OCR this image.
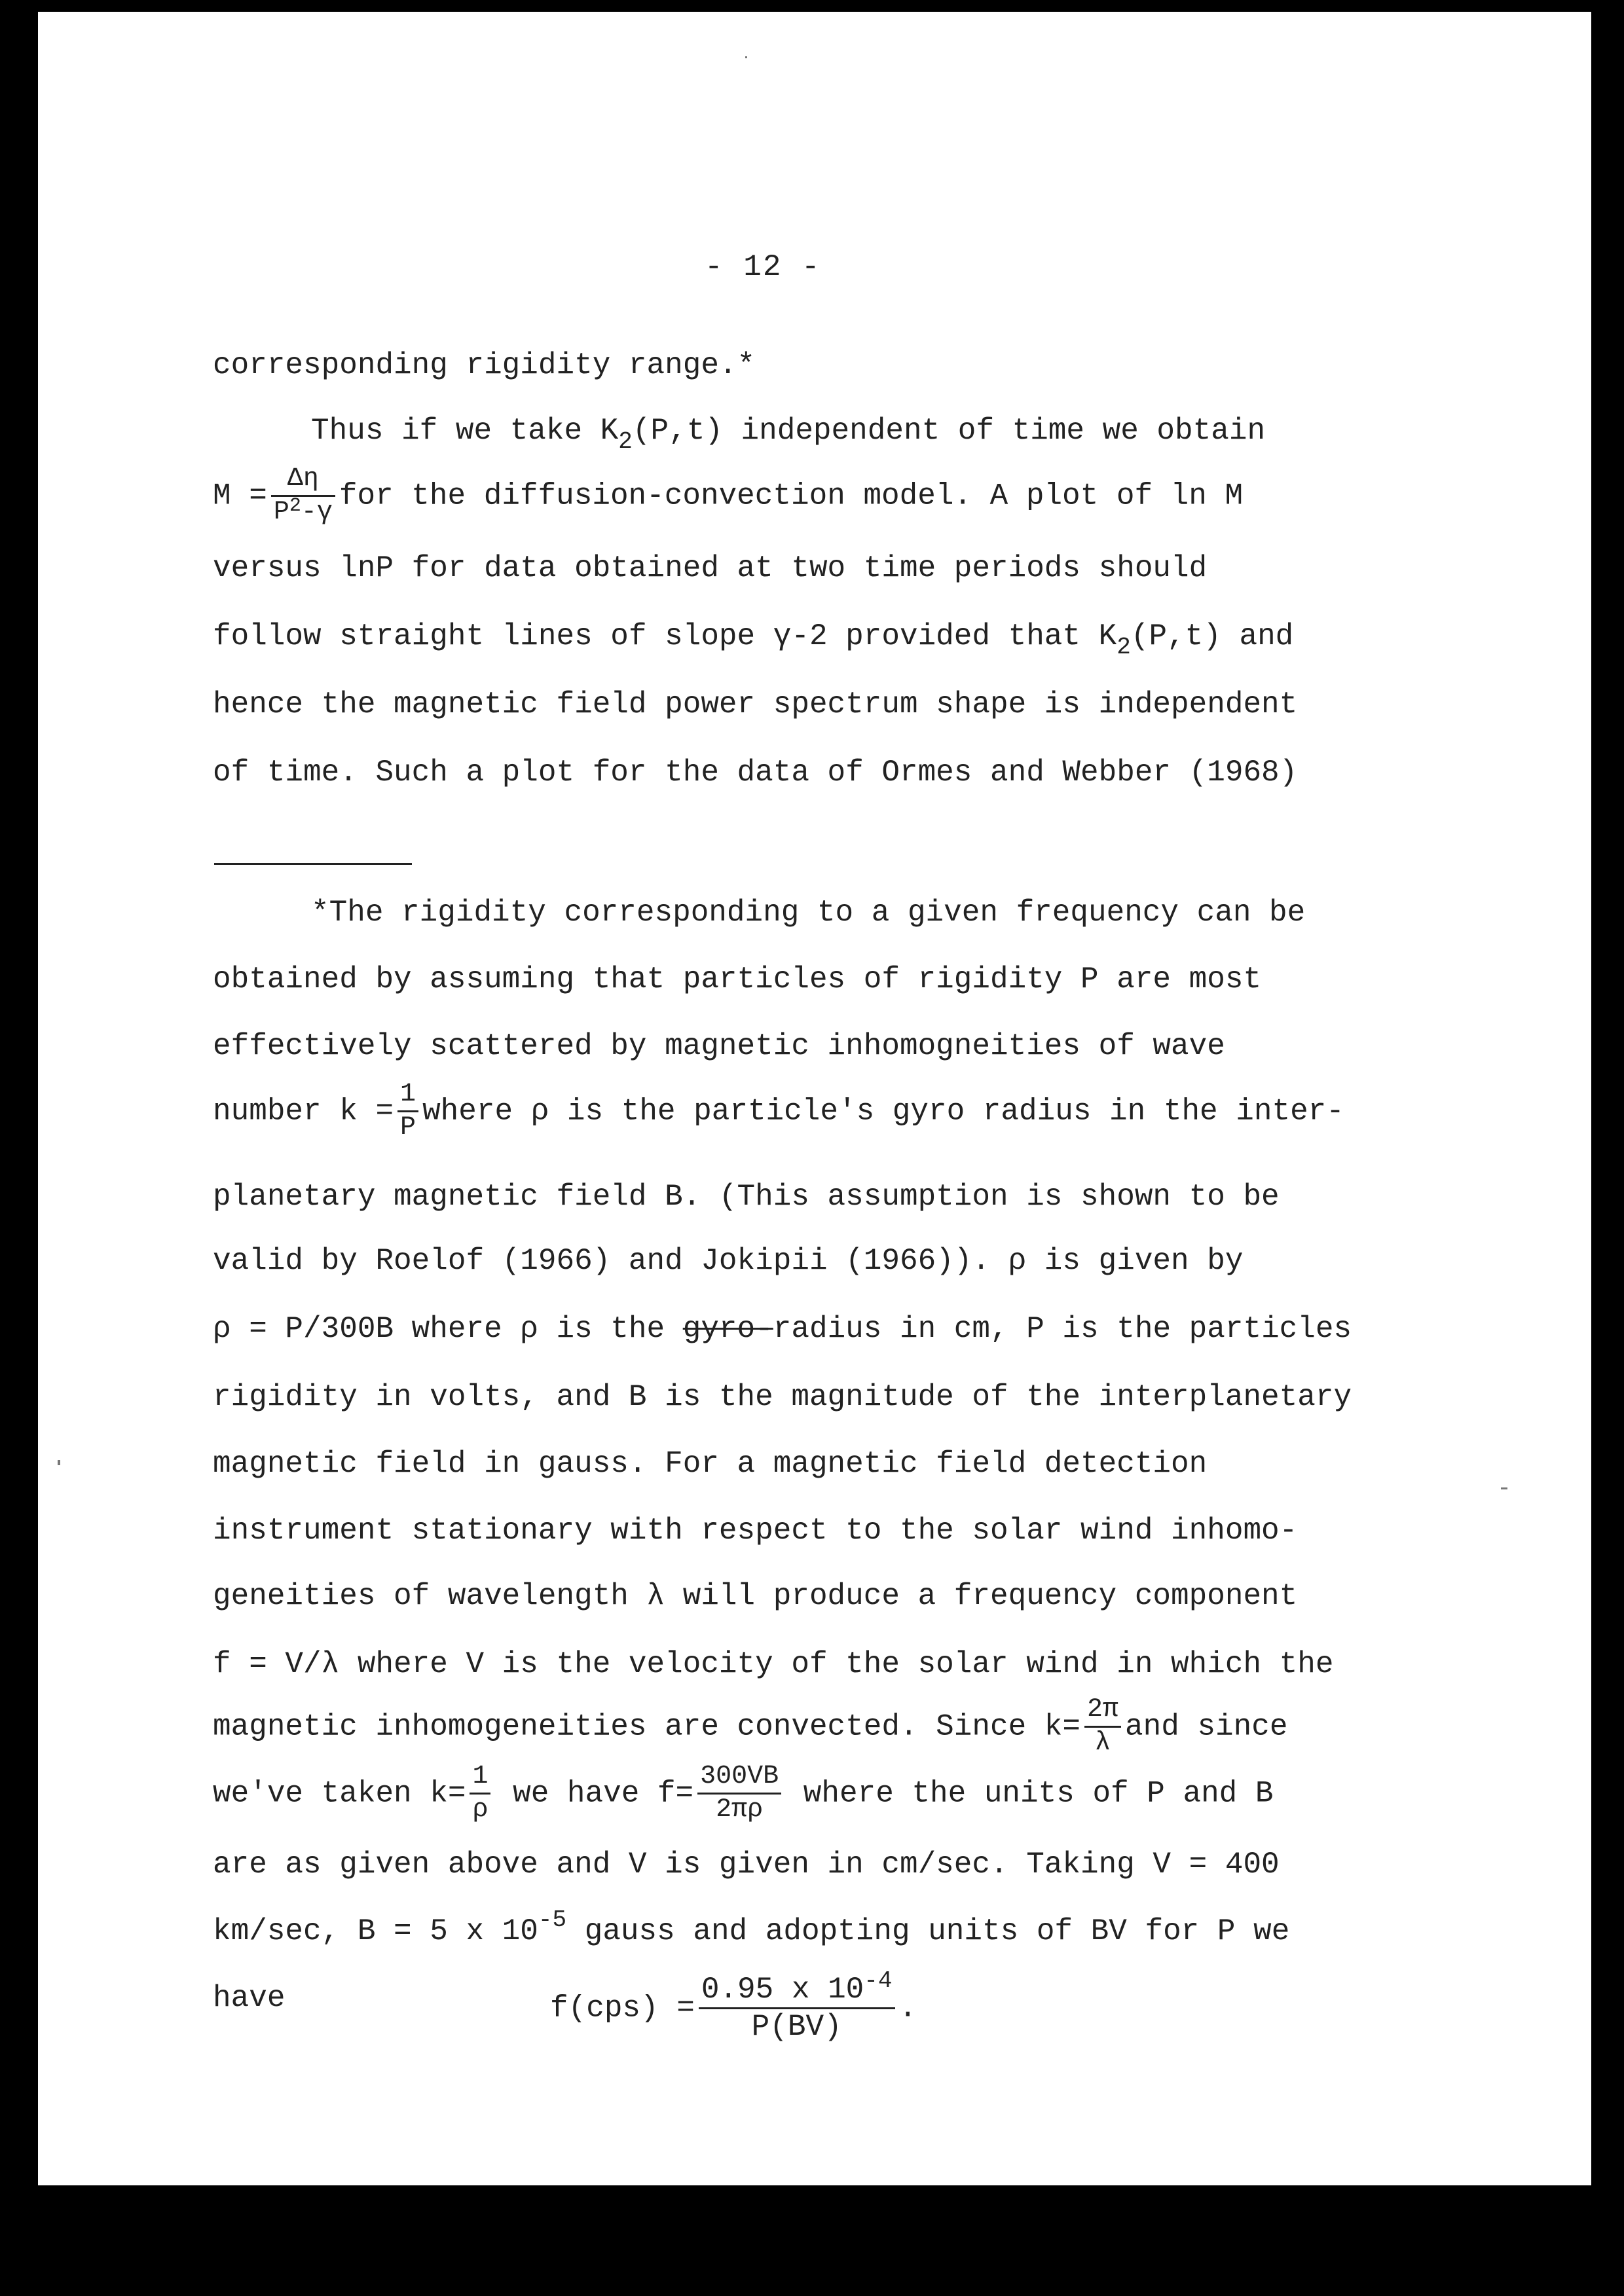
- 12 -
corresponding rigidity range.*
Thus if we take $K_2(P,t)$ independent of time we obtain
$M = \frac{\Delta\eta}{P^2-\gamma}$ for the diffusion-convection model. A plot of ln M
versus lnP for data obtained at two time periods should
follow straight lines of slope γ-2 provided that $K_2(P,t)$ and
hence the magnetic field power spectrum shape is independent
of time. Such a plot for the data of Ormes and Webber (1968)
*The rigidity corresponding to a given frequency can be
obtained by assuming that particles of rigidity P are most
effectively scattered by magnetic inhomogneities of wave
number $k = \frac{1}{P}$ where ρ is the particle's gyro radius in the inter-
planetary magnetic field B. (This assumption is shown to be
valid by Roelof (1966) and Jokipii (1966)). ρ is given by
ρ = P/300B where ρ is the gyro-radius in cm, P is the particles
rigidity in volts, and B is the magnitude of the interplanetary
magnetic field in gauss. For a magnetic field detection
instrument stationary with respect to the solar wind inhomo-
geneities of wavelength λ will produce a frequency component
f = V/λ where V is the velocity of the solar wind in which the
magnetic inhomogeneities are convected. Since $k= \frac{2\pi}{\lambda}$ and since
we've taken $k= \frac{1}{\rho}$ we have $f= \frac{300VB}{2\pi\rho}$ where the units of P and B
are as given above and V is given in cm/sec. Taking V = 400
km/sec, B = 5 x $10^{-5}$ gauss and adopting units of BV for P we
have	$f(cps) = \frac{0.95 x 10^{-4}}{P(BV)}$ .
